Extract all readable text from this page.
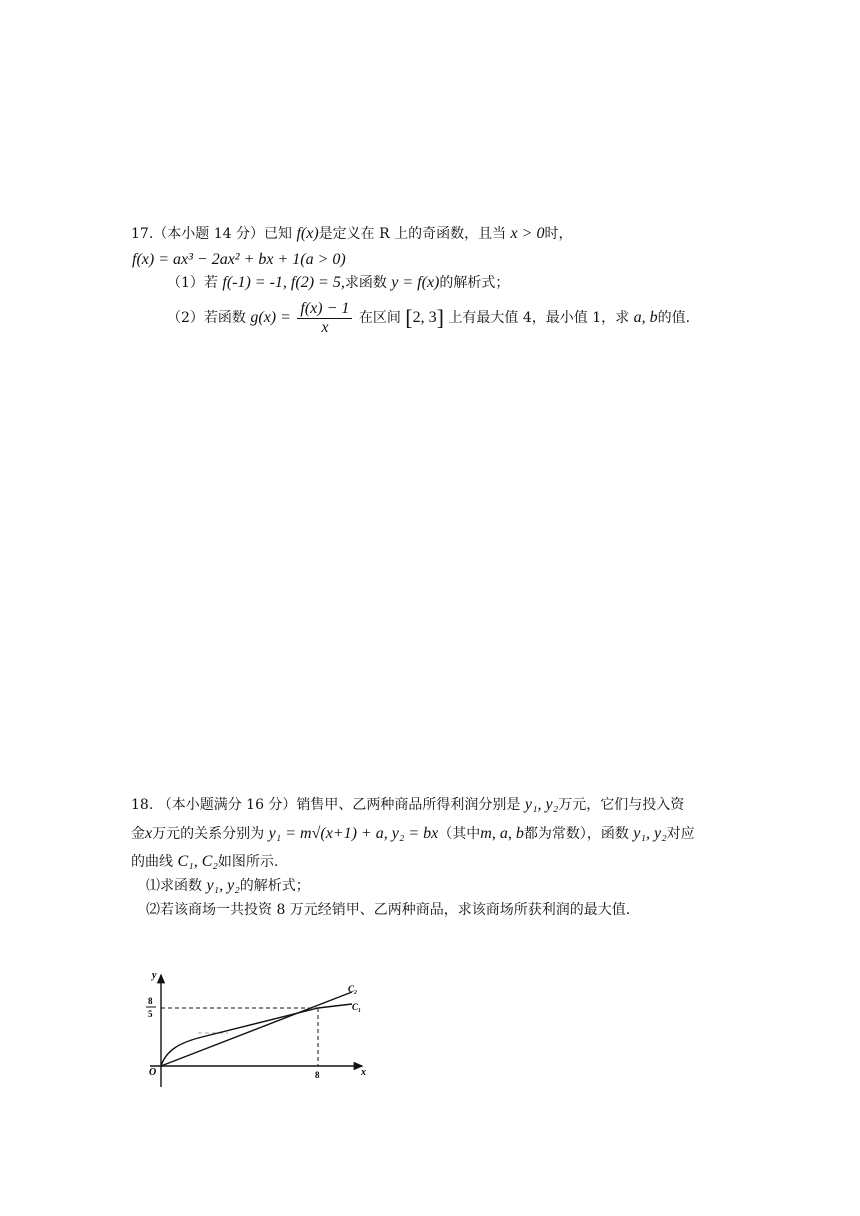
17.（本小题 14 分）已知 f(x)是定义在 R 上的奇函数，且当 x > 0时，
f(x) = ax³ − 2ax² + bx + 1(a > 0)
（1）若 f(-1) = -1, f(2) = 5,求函数 y = f(x)的解析式；
（2）若函数 $g(x) = \frac{f(x) - 1}{x}$ 在区间 [2, 3] 上有最大值 4，最小值 1，求 a, b的值.
18. （本小题满分 16 分）销售甲、乙两种商品所得利润分别是 y₁, y₂万元，它们与投入资
金x万元的关系分别为 y₁ = m√(x+1) + a, y₂ = bx（其中m, a, b都为常数），函数 y₁, y₂对应
的曲线 C₁, C₂如图所示.
⑴求函数 y₁, y₂的解析式；
⑵若该商场一共投资 8 万元经销甲、乙两种商品，求该商场所获利润的最大值.
y
x
O	8
8
5
C₂
C₁
